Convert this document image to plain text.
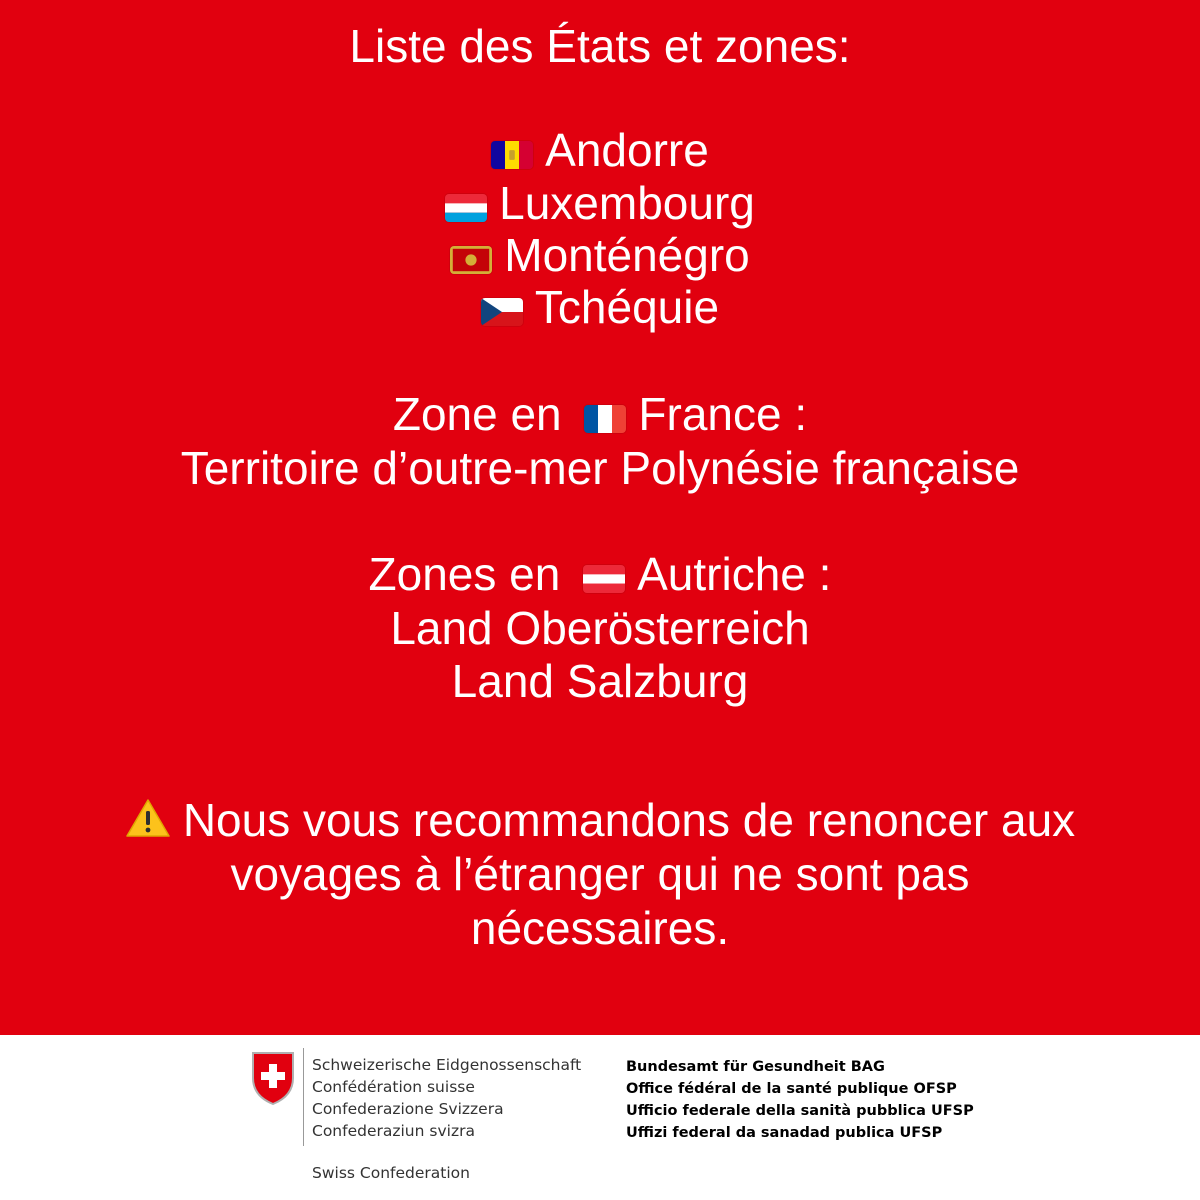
Liste des États et zones:
Andorre
Luxembourg
Monténégro
Tchéquie
Zone en France :
Territoire d’outre-mer Polynésie française
Zones en Autriche :
Land Oberösterreich
Land Salzburg
Nous vous recommandons de renoncer aux
voyages à l’étranger qui ne sont pas
nécessaires.
Schweizerische Eidgenossenschaft
Confédération suisse
Confederazione Svizzera
Confederaziun svizra
Bundesamt für Gesundheit BAG
Office fédéral de la santé publique OFSP
Ufficio federale della sanità pubblica UFSP
Uffizi federal da sanadad publica UFSP
Swiss Confederation
